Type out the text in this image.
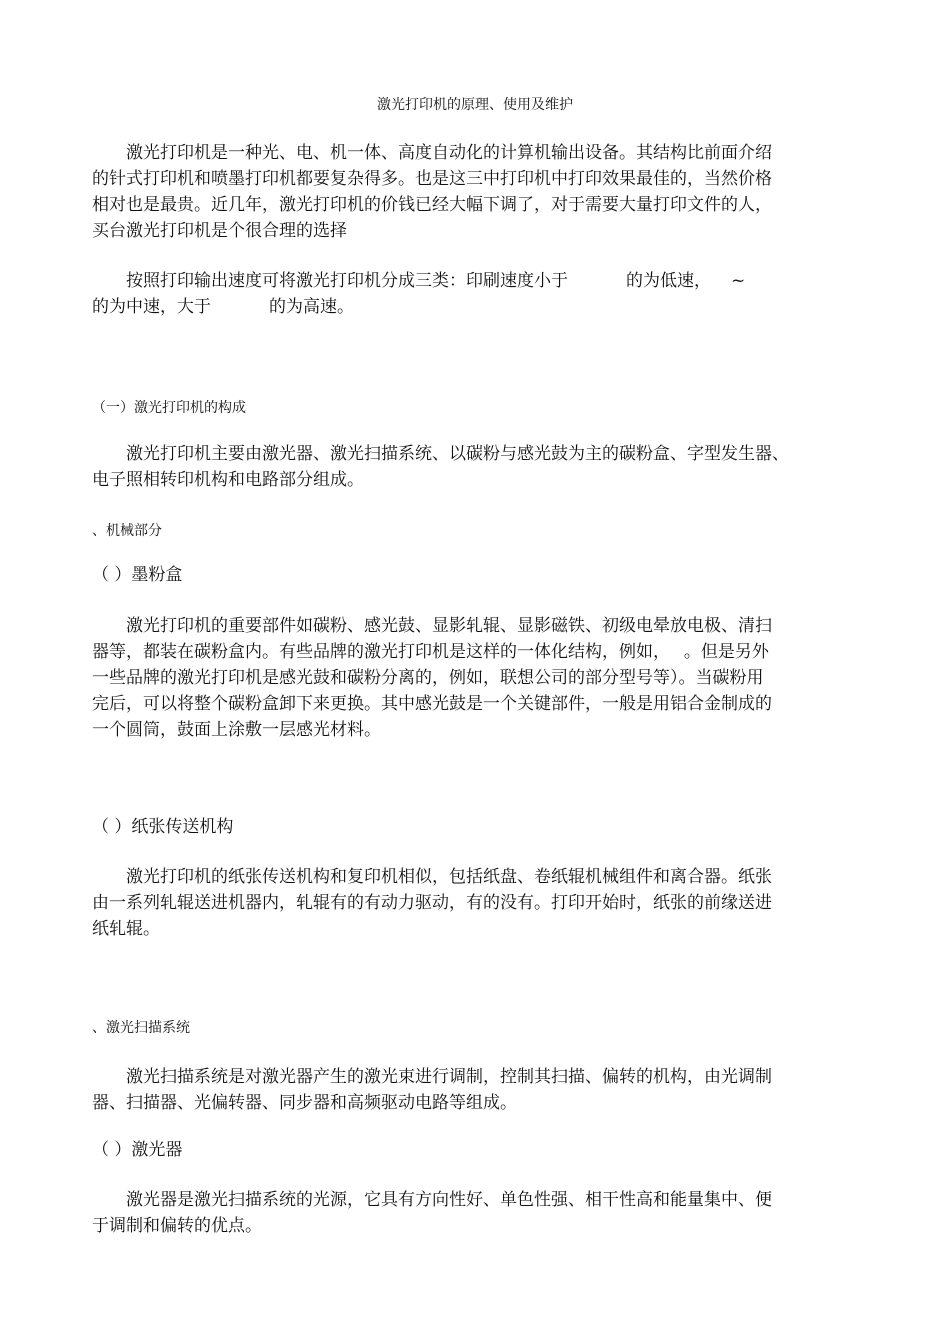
激光打印机的原理、使用及维护
激光打印机是一种光、电、机一体、高度自动化的计算机输出设备。其结构比前面介绍
的针式打印机和喷墨打印机都要复杂得多。也是这三中打印机中打印效果最佳的，当然价格
相对也是最贵。近几年，激光打印机的价钱已经大幅下调了，对于需要大量打印文件的人，
买台激光打印机是个很合理的选择
按照打印输出速度可将激光打印机分成三类：印刷速度小于	的为低速， ~
的为中速，大于	的为高速。
（一）激光打印机的构成
激光打印机主要由激光器、激光扫描系统、以碳粉与感光鼓为主的碳粉盒、字型发生器、
电子照相转印机构和电路部分组成。
、机械部分
（ ）墨粉盒
激光打印机的重要部件如碳粉、感光鼓、显影轧辊、显影磁铁、初级电晕放电极、清扫
器等，都装在碳粉盒内。有些品牌的激光打印机是这样的一体化结构，例如，　 。但是另外
一些品牌的激光打印机是感光鼓和碳粉分离的，例如，联想公司的部分型号等）。当碳粉用
完后，可以将整个碳粉盒卸下来更换。其中感光鼓是一个关键部件，一般是用铝合金制成的
一个圆筒，鼓面上涂敷一层感光材料。
（ ）纸张传送机构
激光打印机的纸张传送机构和复印机相似，包括纸盘、卷纸辊机械组件和离合器。纸张
由一系列轧辊送进机器内，轧辊有的有动力驱动，有的没有。打印开始时，纸张的前缘送进
纸轧辊。
、激光扫描系统
激光扫描系统是对激光器产生的激光束进行调制，控制其扫描、偏转的机构，由光调制
器、扫描器、光偏转器、同步器和高频驱动电路等组成。
（ ）激光器
激光器是激光扫描系统的光源，它具有方向性好、单色性强、相干性高和能量集中、便
于调制和偏转的优点。
